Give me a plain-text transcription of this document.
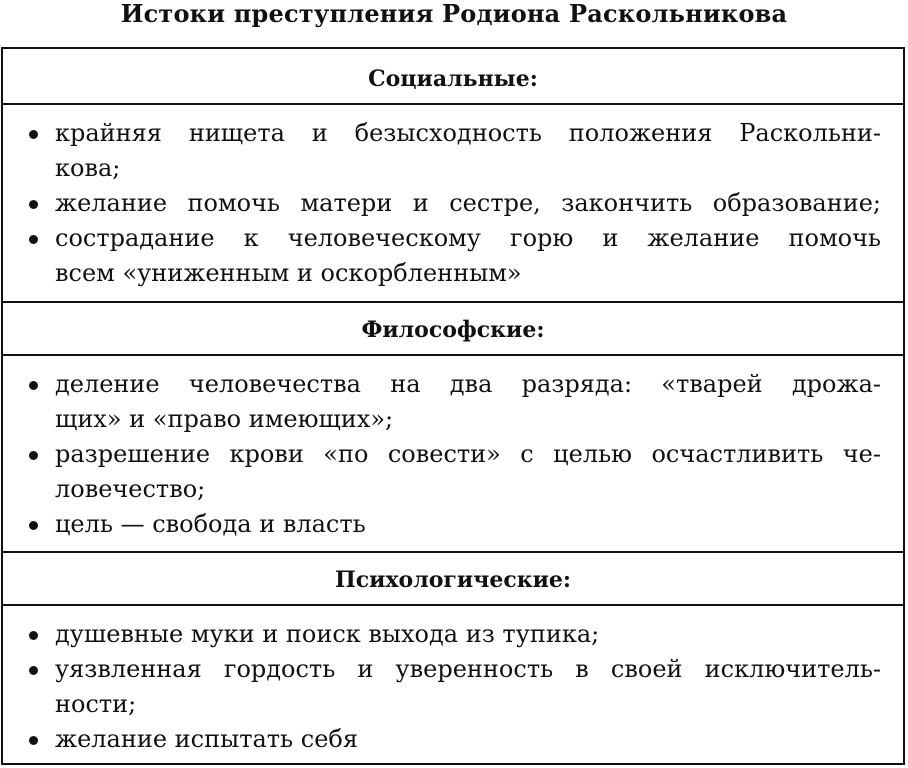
Истоки преступления Родиона Раскольникова
Социальные:
крайняя нищета и безысходность положения Раскольни-
кова;
желание помочь матери и сестре, закончить образование;
сострадание к человеческому горю и желание помочь
всем «униженным и оскорбленным»
Философские:
деление человечества на два разряда: «тварей дрожа-
щих» и «право имеющих»;
разрешение крови «по совести» с целью осчастливить че-
ловечество;
цель — свобода и власть
Психологические:
душевные муки и поиск выхода из тупика;
уязвленная гордость и уверенность в своей исключитель-
ности;
желание испытать себя
